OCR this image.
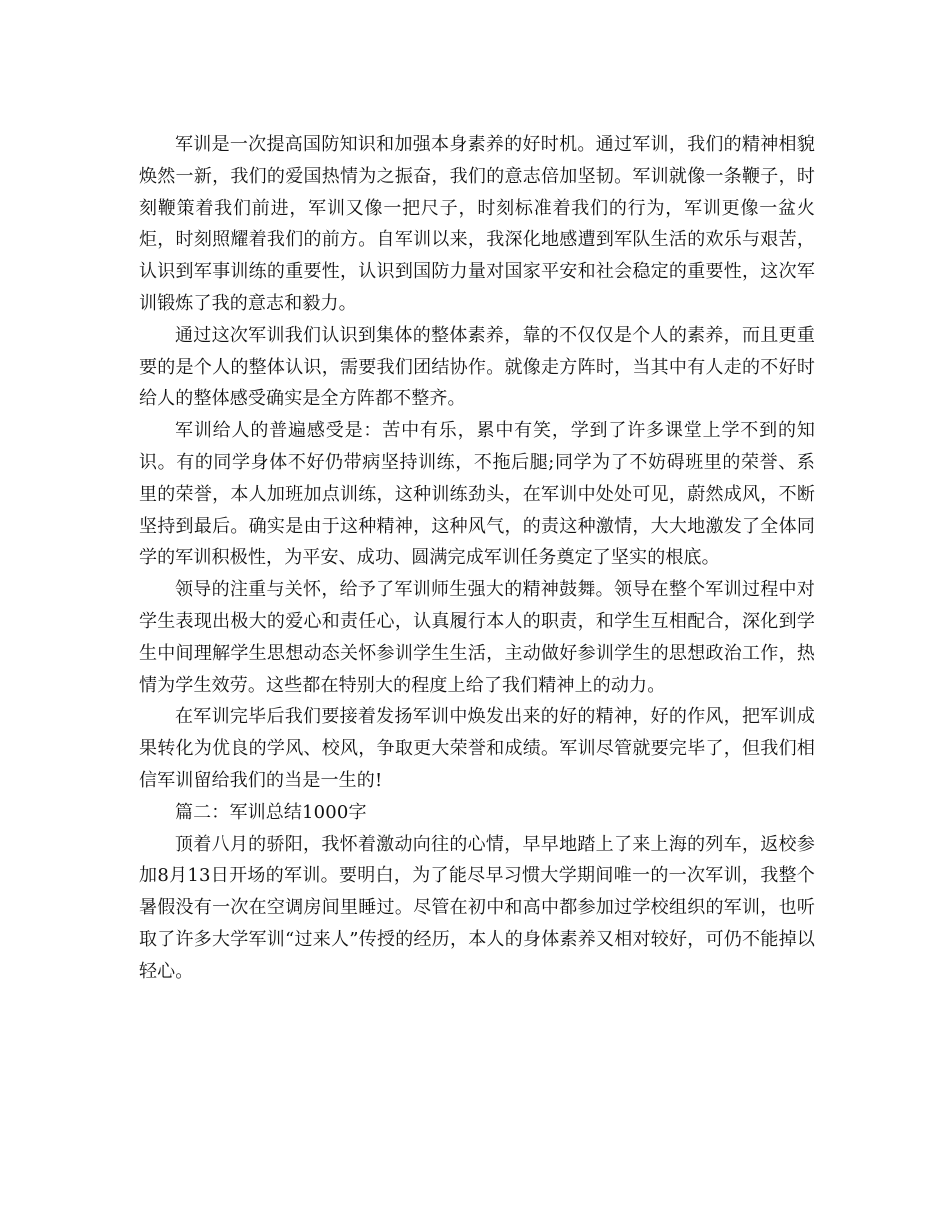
军训是一次提高国防知识和加强本身素养的好时机。通过军训，我们的精神相貌焕然一新，我们的爱国热情为之振奋，我们的意志倍加坚韧。军训就像一条鞭子，时刻鞭策着我们前进，军训又像一把尺子，时刻标准着我们的行为，军训更像一盆火炬，时刻照耀着我们的前方。自军训以来，我深化地感遭到军队生活的欢乐与艰苦，认识到军事训练的重要性，认识到国防力量对国家平安和社会稳定的重要性，这次军训锻炼了我的意志和毅力。

通过这次军训我们认识到集体的整体素养，靠的不仅仅是个人的素养，而且更重要的是个人的整体认识，需要我们团结协作。就像走方阵时，当其中有人走的不好时给人的整体感受确实是全方阵都不整齐。

军训给人的普遍感受是：苦中有乐，累中有笑，学到了许多课堂上学不到的知识。有的同学身体不好仍带病坚持训练，不拖后腿;同学为了不妨碍班里的荣誉、系里的荣誉，本人加班加点训练，这种训练劲头，在军训中处处可见，蔚然成风，不断坚持到最后。确实是由于这种精神，这种风气，的责这种激情，大大地激发了全体同学的军训积极性，为平安、成功、圆满完成军训任务奠定了坚实的根底。

领导的注重与关怀，给予了军训师生强大的精神鼓舞。领导在整个军训过程中对学生表现出极大的爱心和责任心，认真履行本人的职责，和学生互相配合，深化到学生中间理解学生思想动态关怀参训学生生活，主动做好参训学生的思想政治工作，热情为学生效劳。这些都在特别大的程度上给了我们精神上的动力。

在军训完毕后我们要接着发扬军训中焕发出来的好的精神，好的作风，把军训成果转化为优良的学风、校风，争取更大荣誉和成绩。军训尽管就要完毕了，但我们相信军训留给我们的当是一生的!

篇二：军训总结1000字

顶着八月的骄阳，我怀着激动向往的心情，早早地踏上了来上海的列车，返校参加8月13日开场的军训。要明白，为了能尽早习惯大学期间唯一的一次军训，我整个暑假没有一次在空调房间里睡过。尽管在初中和高中都参加过学校组织的军训，也听取了许多大学军训“过来人”传授的经历，本人的身体素养又相对较好，可仍不能掉以轻心。
